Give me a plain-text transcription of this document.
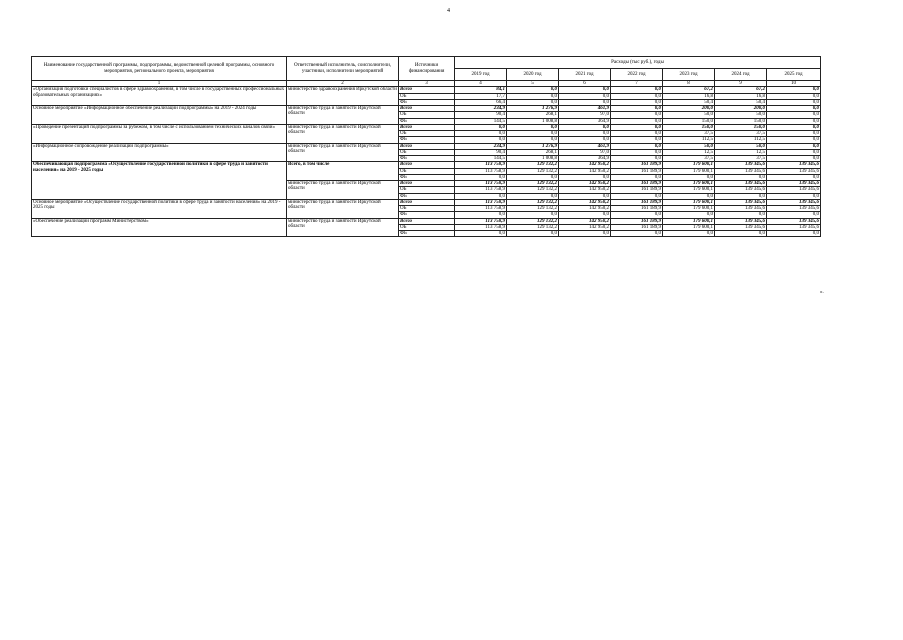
4
Наименование государственной программы, подпрограммы, ведомственной целевой программы, основного мероприятия, регионального проекта, мероприятия	Ответственный исполнитель, соисполнители, участники, исполнители мероприятий	Источники финансирования	Расходы (тыс руб.), годы						
			2019 год	2020 год	2021 год	2022 год	2023 год	2024 год	2025 год
1	2	3	4	5	6	7	8	9	10
«Организация подготовки специалистов в сфере здравоохранения, в том числе в государственных профессиональных образовательных организациях»	министерство здравоохранения Иркутской области	Всего	84,1	0,0	0,0	0,0	67,2	67,2	0,0
		ОБ	17,7	0,0	0,0	0,0	16,8	16,8	0,0
		ФБ	66,4	0,0	0,0	0,0	50,4	50,4	0,0
Основное мероприятие «Информационное обеспечение реализации подпрограммы» на 2019 - 2024 годы	министерство труда и занятости Иркутской области	Всего	234,9	1 276,9	461,9	0,0	200,0	200,0	0,0
		ОБ	90,4	268,1	97,0	0,0	50,0	50,0	0,0
		ФБ	144,5	1 008,8	364,9	0,0	150,0	150,0	0,0
«Проведение презентаций подпрограммы за рубежом, в том числе с использованием технических каналов связи»	министерство труда и занятости Иркутской области	Всего	0,0	0,0	0,0	0,0	150,0	150,0	0,0
		ОБ	0,0	0,0	0,0	0,0	37,5	37,5	0,0
		ФБ	0,0	0,0	0,0	0,0	112,5	112,5	0,0
«Информационное сопровождение реализации подпрограммы»	министерство труда и занятости Иркутской области	Всего	234,9	1 276,9	461,9	0,0	50,0	50,0	0,0
		ОБ	90,4	268,1	97,0	0,0	12,5	12,5	0,0
		ФБ	144,5	1 008,8	364,9	0,0	37,5	37,5	0,0
Обеспечивающая подпрограмма «Осуществление государственной политики в сфере труда и занятости населения» на 2019 - 2025 годы	Всего, в том числе	Всего	113 758,9	129 132,2	142 950,2	161 189,9	179 600,1	139 345,6	139 345,6
		ОБ	113 758,9	129 132,2	142 950,2	161 189,9	179 600,1	139 345,6	139 345,6
		ФБ	0,0	0,0	0,0	0,0	0,0	0,0	0,0
	министерство труда и занятости Иркутской области	Всего	113 758,9	129 132,2	142 950,2	161 189,9	179 600,1	139 345,6	139 345,6
		ОБ	113 758,9	129 132,2	142 950,2	161 189,9	179 600,1	139 345,6	139 345,6
		ФБ	0,0	0,0	0,0	0,0	0,0	0,0	0,0
Основное мероприятие «Осуществление государственной политики в сфере труда и занятости населения» на 2019 - 2025 годы	министерство труда и занятости Иркутской области	Всего	113 758,9	129 132,2	142 950,2	161 189,9	179 600,1	139 345,6	139 345,6
		ОБ	113 758,9	129 132,2	142 950,2	161 189,9	179 600,1	139 345,6	139 345,6
		ФБ	0,0	0,0	0,0	0,0	0,0	0,0	0,0
«Обеспечение реализации программ Министерством»	министерство труда и занятости Иркутской области	Всего	113 758,9	129 132,2	142 950,2	161 189,9	179 600,1	139 345,6	139 345,6
		ОБ	113 758,9	129 132,2	142 950,2	161 189,9	179 600,1	139 345,6	139 345,6
		ФБ	0,0	0,0	0,0	0,0	0,0	0,0	0,0
».
